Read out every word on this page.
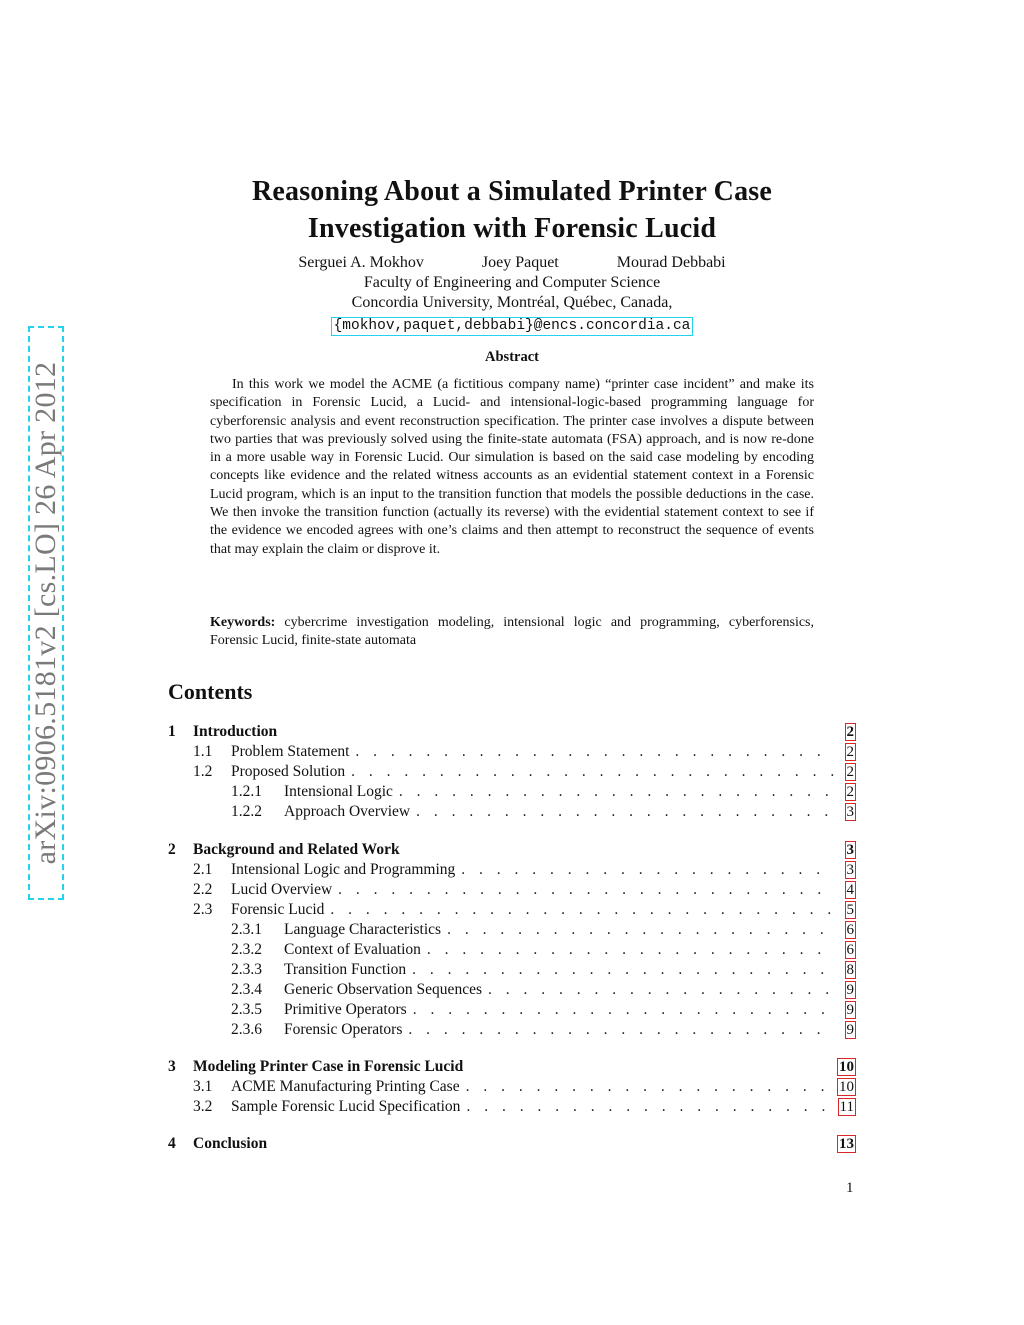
arXiv:0906.5181v2 [cs.LO] 26 Apr 2012
Reasoning About a Simulated Printer Case
Investigation with Forensic Lucid
Serguei A. Mokhov	Joey Paquet	Mourad Debbabi
Faculty of Engineering and Computer Science
Concordia University, Montréal, Québec, Canada,
{mokhov,paquet,debbabi}@encs.concordia.ca
Abstract
In this work we model the ACME (a fictitious company name) “printer case incident” and make its specification in Forensic Lucid, a Lucid- and intensional-logic-based programming language for cyberforensic analysis and event reconstruction specification. The printer case involves a dispute between two parties that was previously solved using the finite-state automata (FSA) approach, and is now re-done in a more usable way in Forensic Lucid. Our simulation is based on the said case modeling by encoding concepts like evidence and the related witness accounts as an evidential statement context in a Forensic Lucid program, which is an input to the transition function that models the possible deductions in the case. We then invoke the transition function (actually its reverse) with the evidential statement context to see if the evidence we encoded agrees with one’s claims and then attempt to reconstruct the sequence of events that may explain the claim or disprove it.
Keywords: cybercrime investigation modeling, intensional logic and programming, cyberforensics, Forensic Lucid, finite-state automata
Contents
1	Introduction	2
1.1	Problem Statement . . .	2
1.2	Proposed Solution . . .	2
1.2.1	Intensional Logic . . .	2
1.2.2	Approach Overview . . .	3
2	Background and Related Work	3
2.1	Intensional Logic and Programming . . .	3
2.2	Lucid Overview . . .	4
2.3	Forensic Lucid . . .	5
2.3.1	Language Characteristics . . .	6
2.3.2	Context of Evaluation . . .	6
2.3.3	Transition Function . . .	8
2.3.4	Generic Observation Sequences . . .	9
2.3.5	Primitive Operators . . .	9
2.3.6	Forensic Operators . . .	9
3	Modeling Printer Case in Forensic Lucid	10
3.1	ACME Manufacturing Printing Case . . .	10
3.2	Sample Forensic Lucid Specification . . .	11
4	Conclusion	13
1
